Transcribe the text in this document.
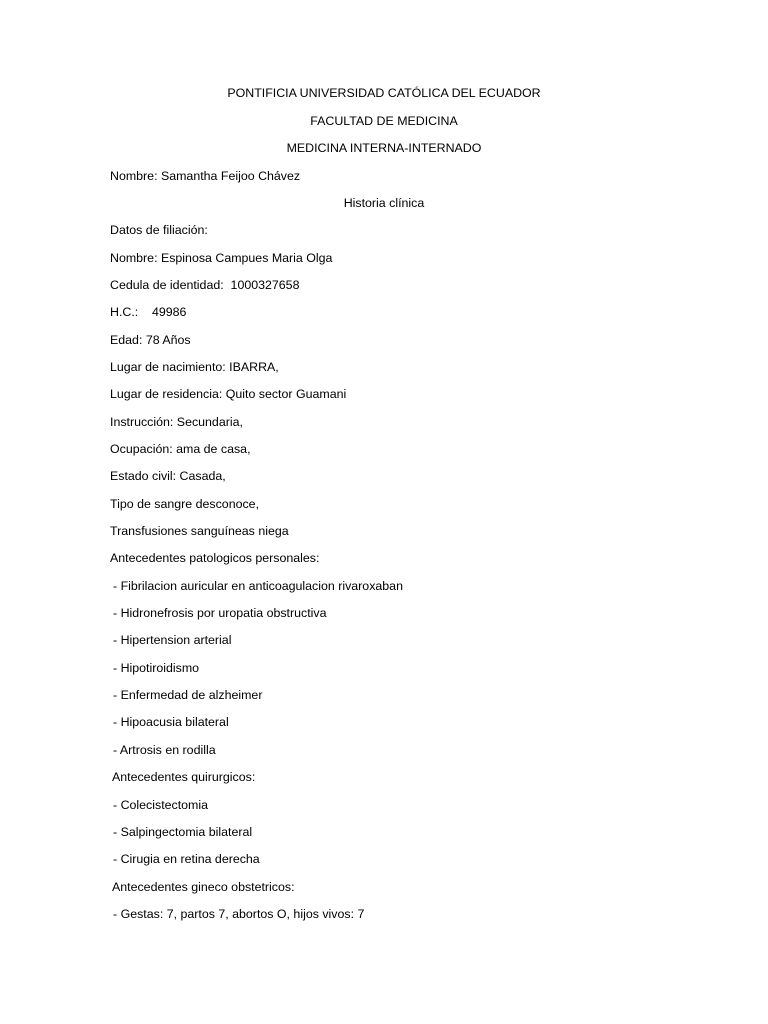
PONTIFICIA UNIVERSIDAD CATÓLICA DEL ECUADOR
FACULTAD DE MEDICINA
MEDICINA INTERNA-INTERNADO
Nombre: Samantha Feijoo Chávez
Historia clínica
Datos de filiación:
Nombre: Espinosa Campues Maria Olga
Cedula de identidad:  1000327658
H.C.:    49986
Edad: 78 Años
Lugar de nacimiento: IBARRA,
Lugar de residencia: Quito sector Guamani
Instrucción: Secundaria,
Ocupación: ama de casa,
Estado civil: Casada,
Tipo de sangre desconoce,
Transfusiones sanguíneas niega
Antecedentes patologicos personales:
- Fibrilacion auricular en anticoagulacion rivaroxaban
- Hidronefrosis por uropatia obstructiva
- Hipertension arterial
- Hipotiroidismo
- Enfermedad de alzheimer
- Hipoacusia bilateral
- Artrosis en rodilla
Antecedentes quirurgicos:
- Colecistectomia
- Salpingectomia bilateral
- Cirugia en retina derecha
Antecedentes gineco obstetricos:
- Gestas: 7, partos 7, abortos O, hijos vivos: 7
